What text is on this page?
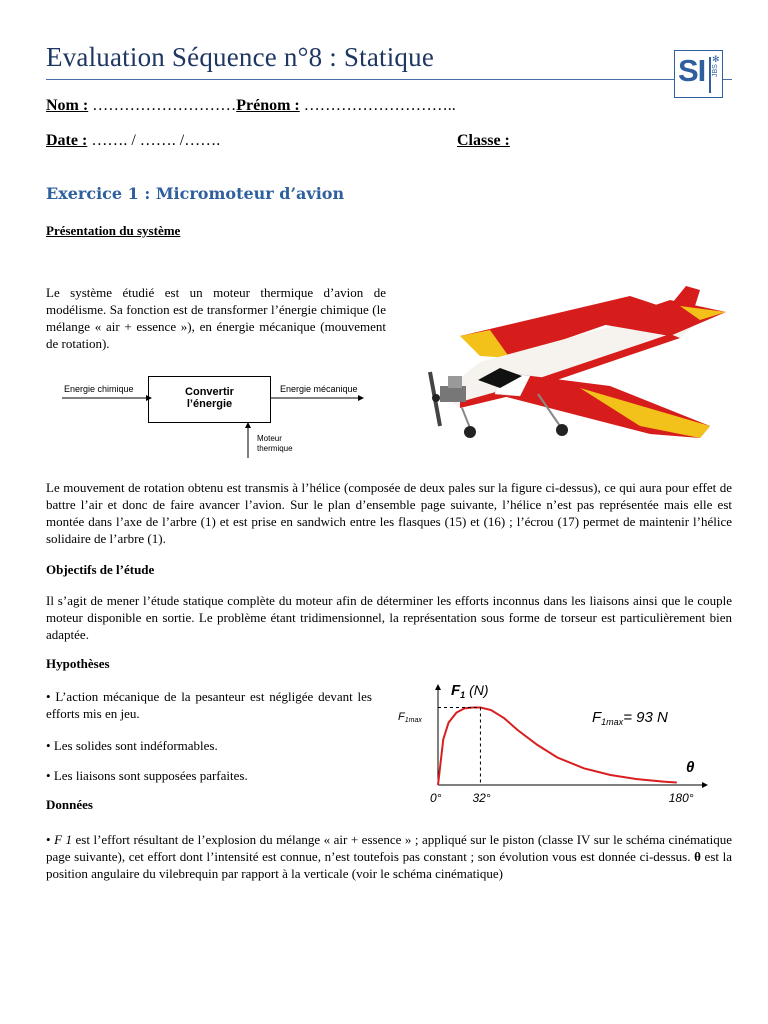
Evaluation Séquence n°8 : Statique	SI ✻
JBS
Nom : ………………………Prénom : ………………………..
Date : ……. / ……. /…….	Classe :
Exercice 1 : Micromoteur d’avion
Présentation du système
Le système étudié est un moteur thermique d’avion de modélisme. Sa fonction est de transformer l’énergie chimique (le mélange « air + essence »), en énergie mécanique (mouvement de rotation).
Energie chimique	Convertir l’énergie
Energie mécanique
Moteur thermique
Le mouvement de rotation obtenu est transmis à l’hélice (composée de deux pales sur la figure ci-dessus), ce qui aura pour effet de battre l’air et donc de faire avancer l’avion. Sur le plan d’ensemble page suivante, l’hélice n’est pas représentée mais elle est montée dans l’axe de l’arbre (1) et est prise en sandwich entre les flasques (15) et (16) ; l’écrou (17) permet de maintenir l’hélice solidaire de l’arbre (1).
Objectifs de l’étude
Il s’agit de mener l’étude statique complète du moteur afin de déterminer les efforts inconnus dans les liaisons ainsi que le couple moteur disponible en sortie. Le problème étant tridimensionnel, la représentation sous forme de torseur est particulièrement bien adaptée.
Hypothèses
• L’action mécanique de la pesanteur est négligée devant les efforts mis en jeu.
• Les solides sont indéformables.
• Les liaisons sont supposées parfaites.
0°	32°	180°
$F_1$ (N)
F1max	$F_{1max}= 93$ N
θ
Données
• F 1 est l’effort résultant de l’explosion du mélange « air + essence » ; appliqué sur le piston (classe IV sur le schéma cinématique page suivante), cet effort dont l’intensité est connue, n’est toutefois pas constant ; son évolution vous est donnée ci-dessus. θ est la position angulaire du vilebrequin par rapport à la verticale (voir le schéma cinématique)
